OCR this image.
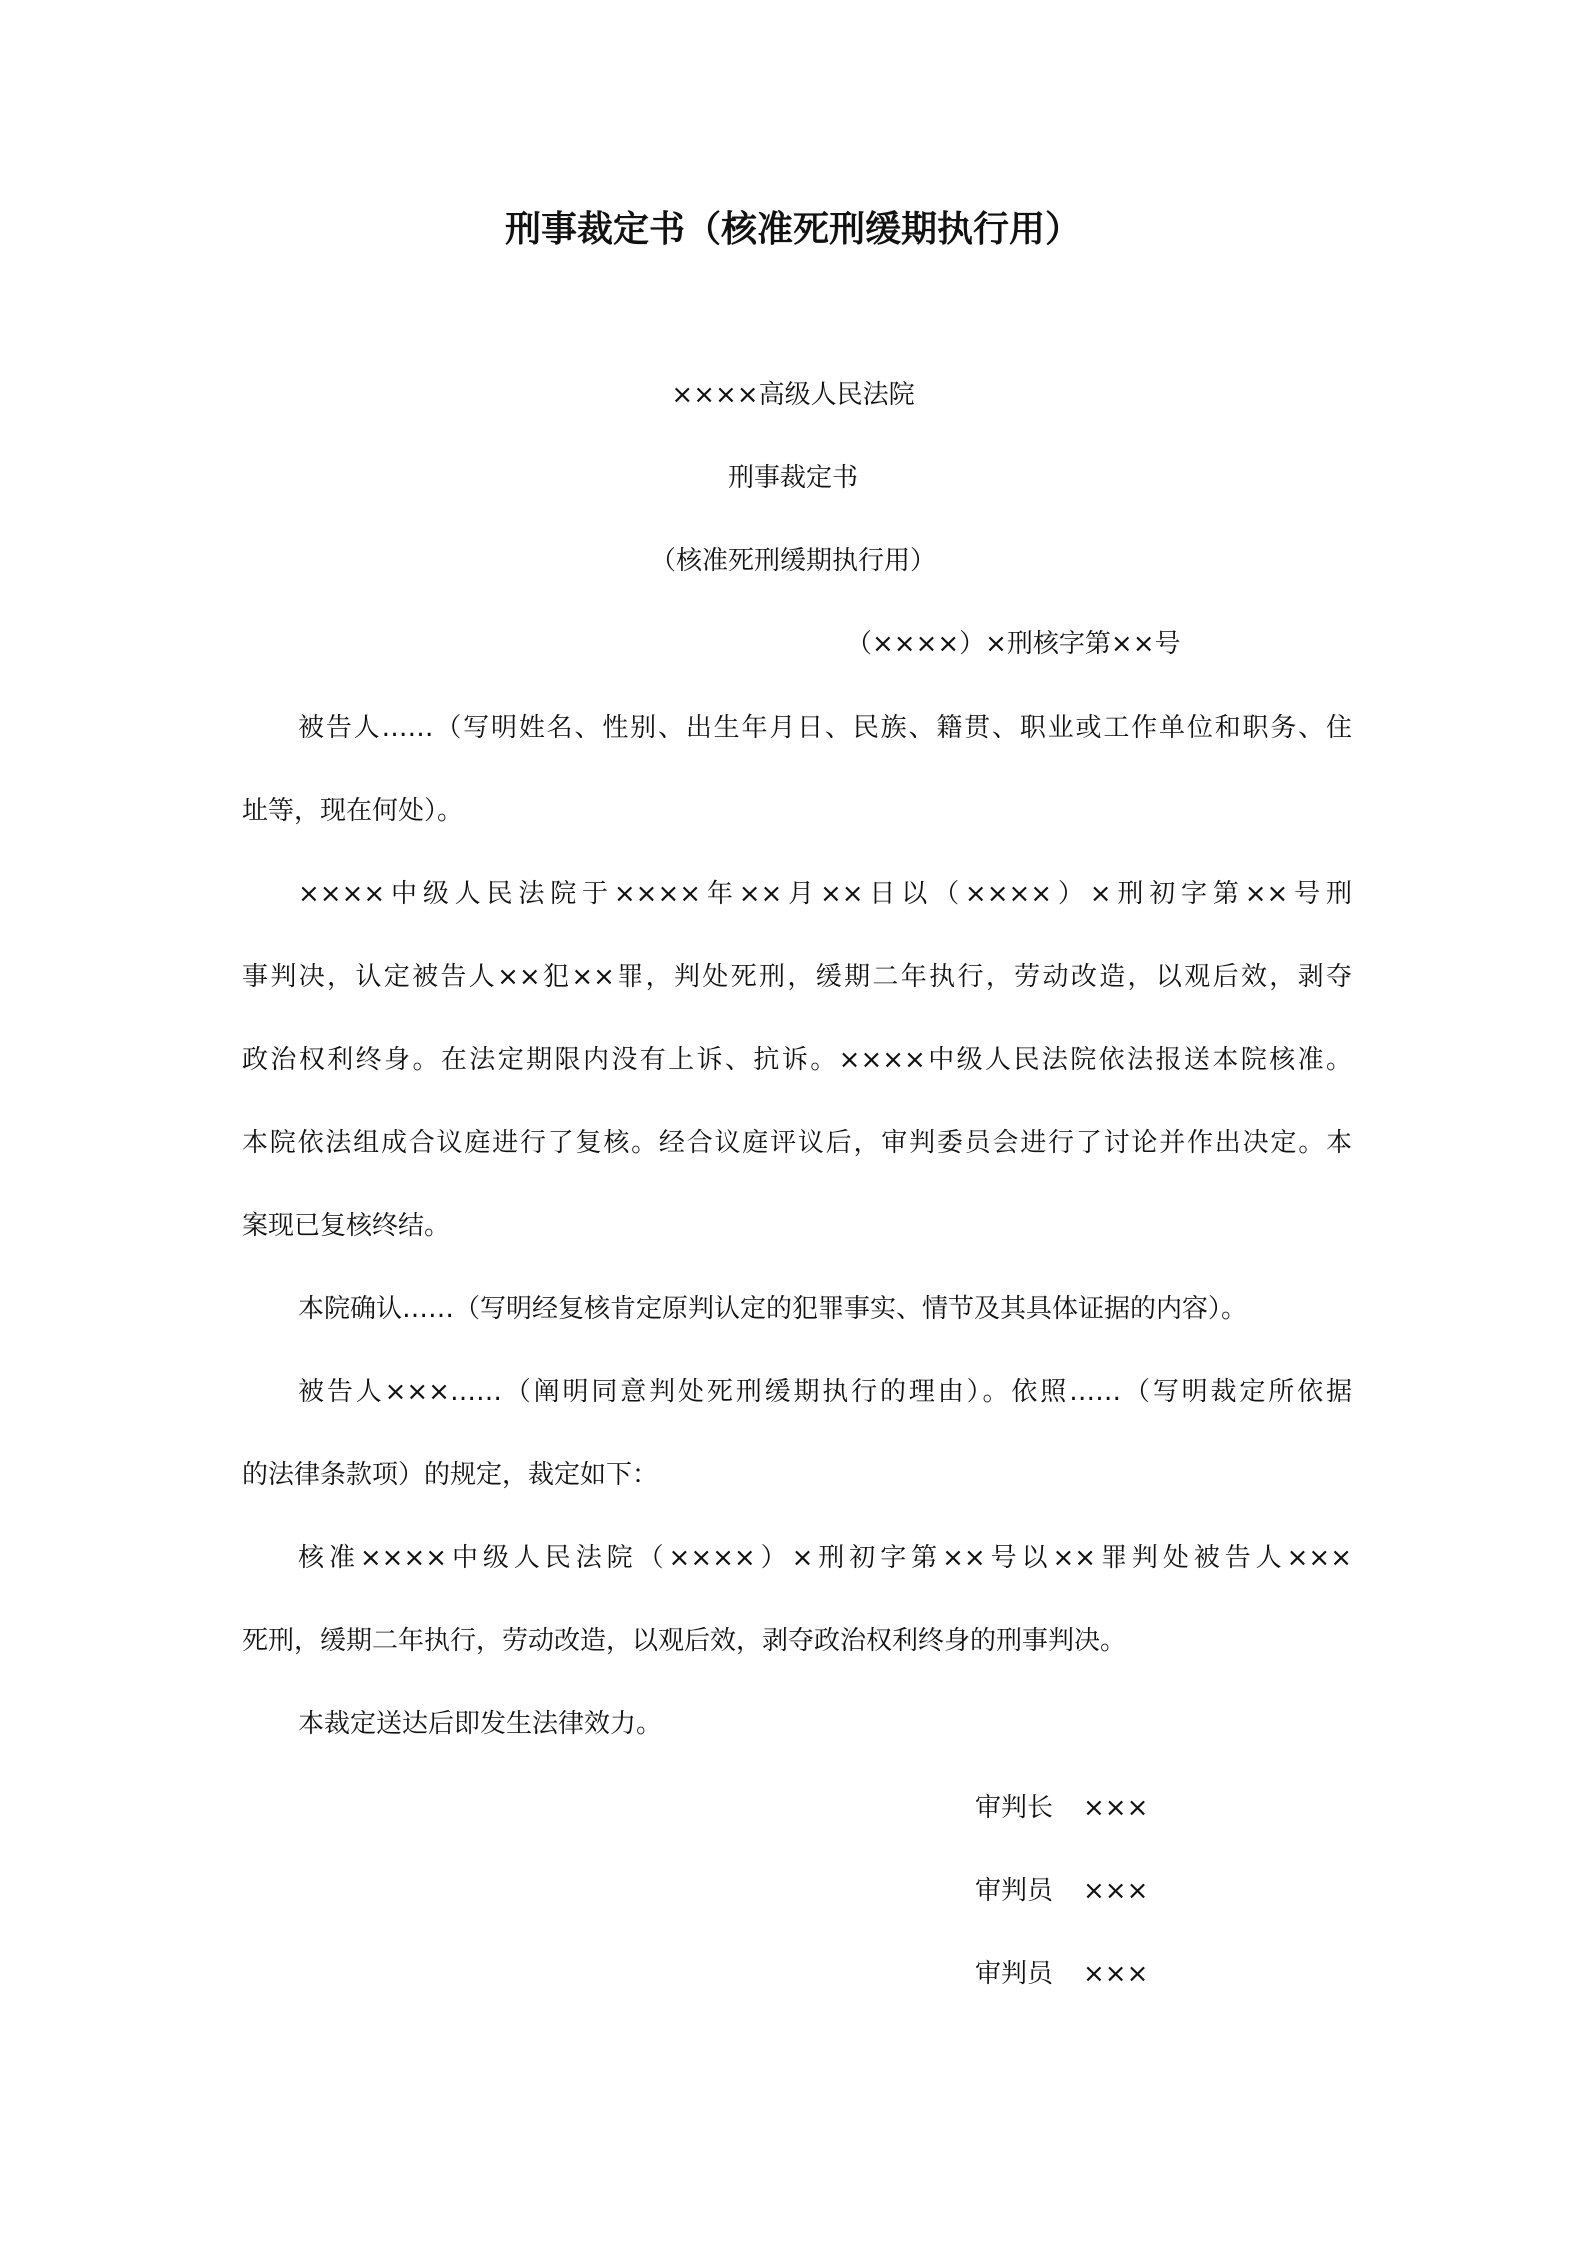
刑事裁定书（核准死刑缓期执行用）
××××高级人民法院
刑事裁定书
（核准死刑缓期执行用）
（××××）×刑核字第××号
被告人……（写明姓名、性别、出生年月日、民族、籍贯、职业或工作单位和职务、住
址等，现在何处）。
××××中级人民法院于××××年××月××日以（××××）×刑初字第××号刑
事判决，认定被告人××犯××罪，判处死刑，缓期二年执行，劳动改造，以观后效，剥夺
政治权利终身。在法定期限内没有上诉、抗诉。××××中级人民法院依法报送本院核准。
本院依法组成合议庭进行了复核。经合议庭评议后，审判委员会进行了讨论并作出决定。本
案现已复核终结。
本院确认……（写明经复核肯定原判认定的犯罪事实、情节及其具体证据的内容）。
被告人×××……（阐明同意判处死刑缓期执行的理由）。依照……（写明裁定所依据
的法律条款项）的规定，裁定如下：
核准××××中级人民法院（××××）×刑初字第××号以××罪判处被告人×××
死刑，缓期二年执行，劳动改造，以观后效，剥夺政治权利终身的刑事判决。
本裁定送达后即发生法律效力。
审判长 ×××
审判员 ×××
审判员 ×××
